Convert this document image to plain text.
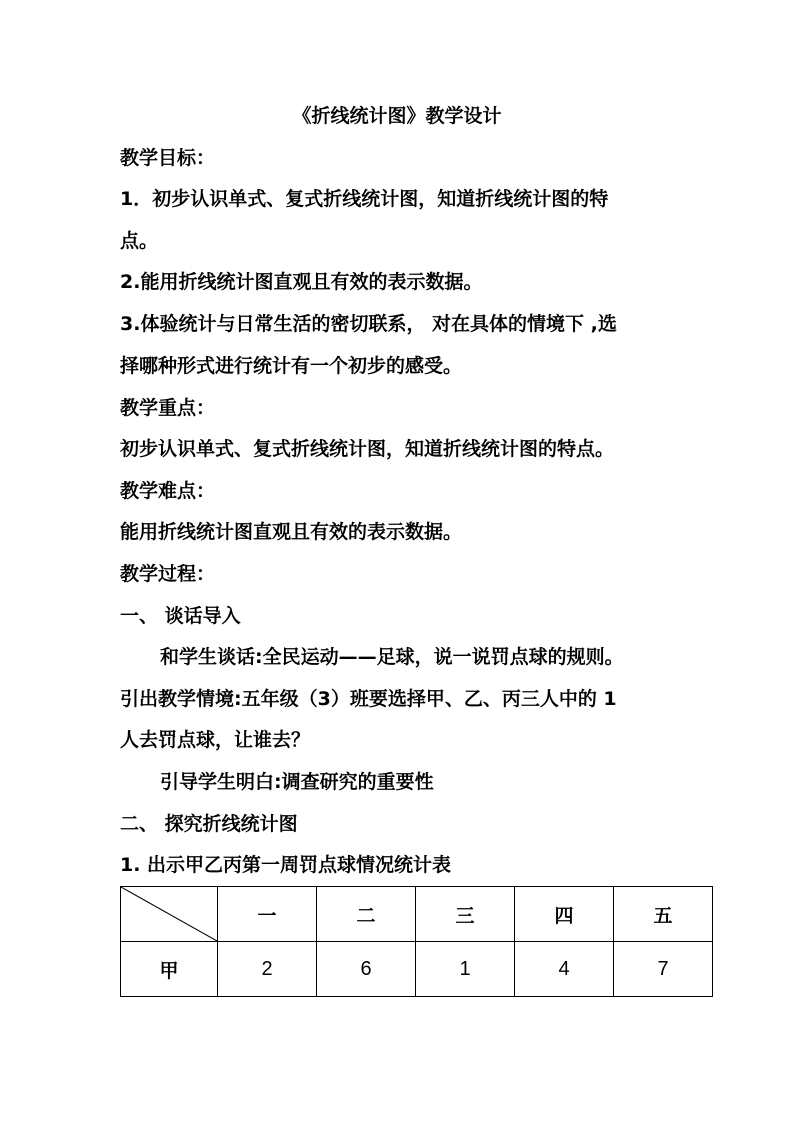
《折线统计图》教学设计
教学目标：
1．初步认识单式、复式折线统计图，知道折线统计图的特
点。
2.能用折线统计图直观且有效的表示数据。
3.体验统计与日常生活的密切联系， 对在具体的情境下 ,选
择哪种形式进行统计有一个初步的感受。
教学重点：
初步认识单式、复式折线统计图，知道折线统计图的特点。
教学难点：
能用折线统计图直观且有效的表示数据。
教学过程：
一、 谈话导入
和学生谈话:全民运动——足球，说一说罚点球的规则。
引出教学情境:五年级（3）班要选择甲、乙、丙三人中的 1
人去罚点球，让谁去？
引导学生明白:调查研究的重要性
二、 探究折线统计图
1. 出示甲乙丙第一周罚点球情况统计表
	一	二	三	四	五
甲	2	6	1	4	7
